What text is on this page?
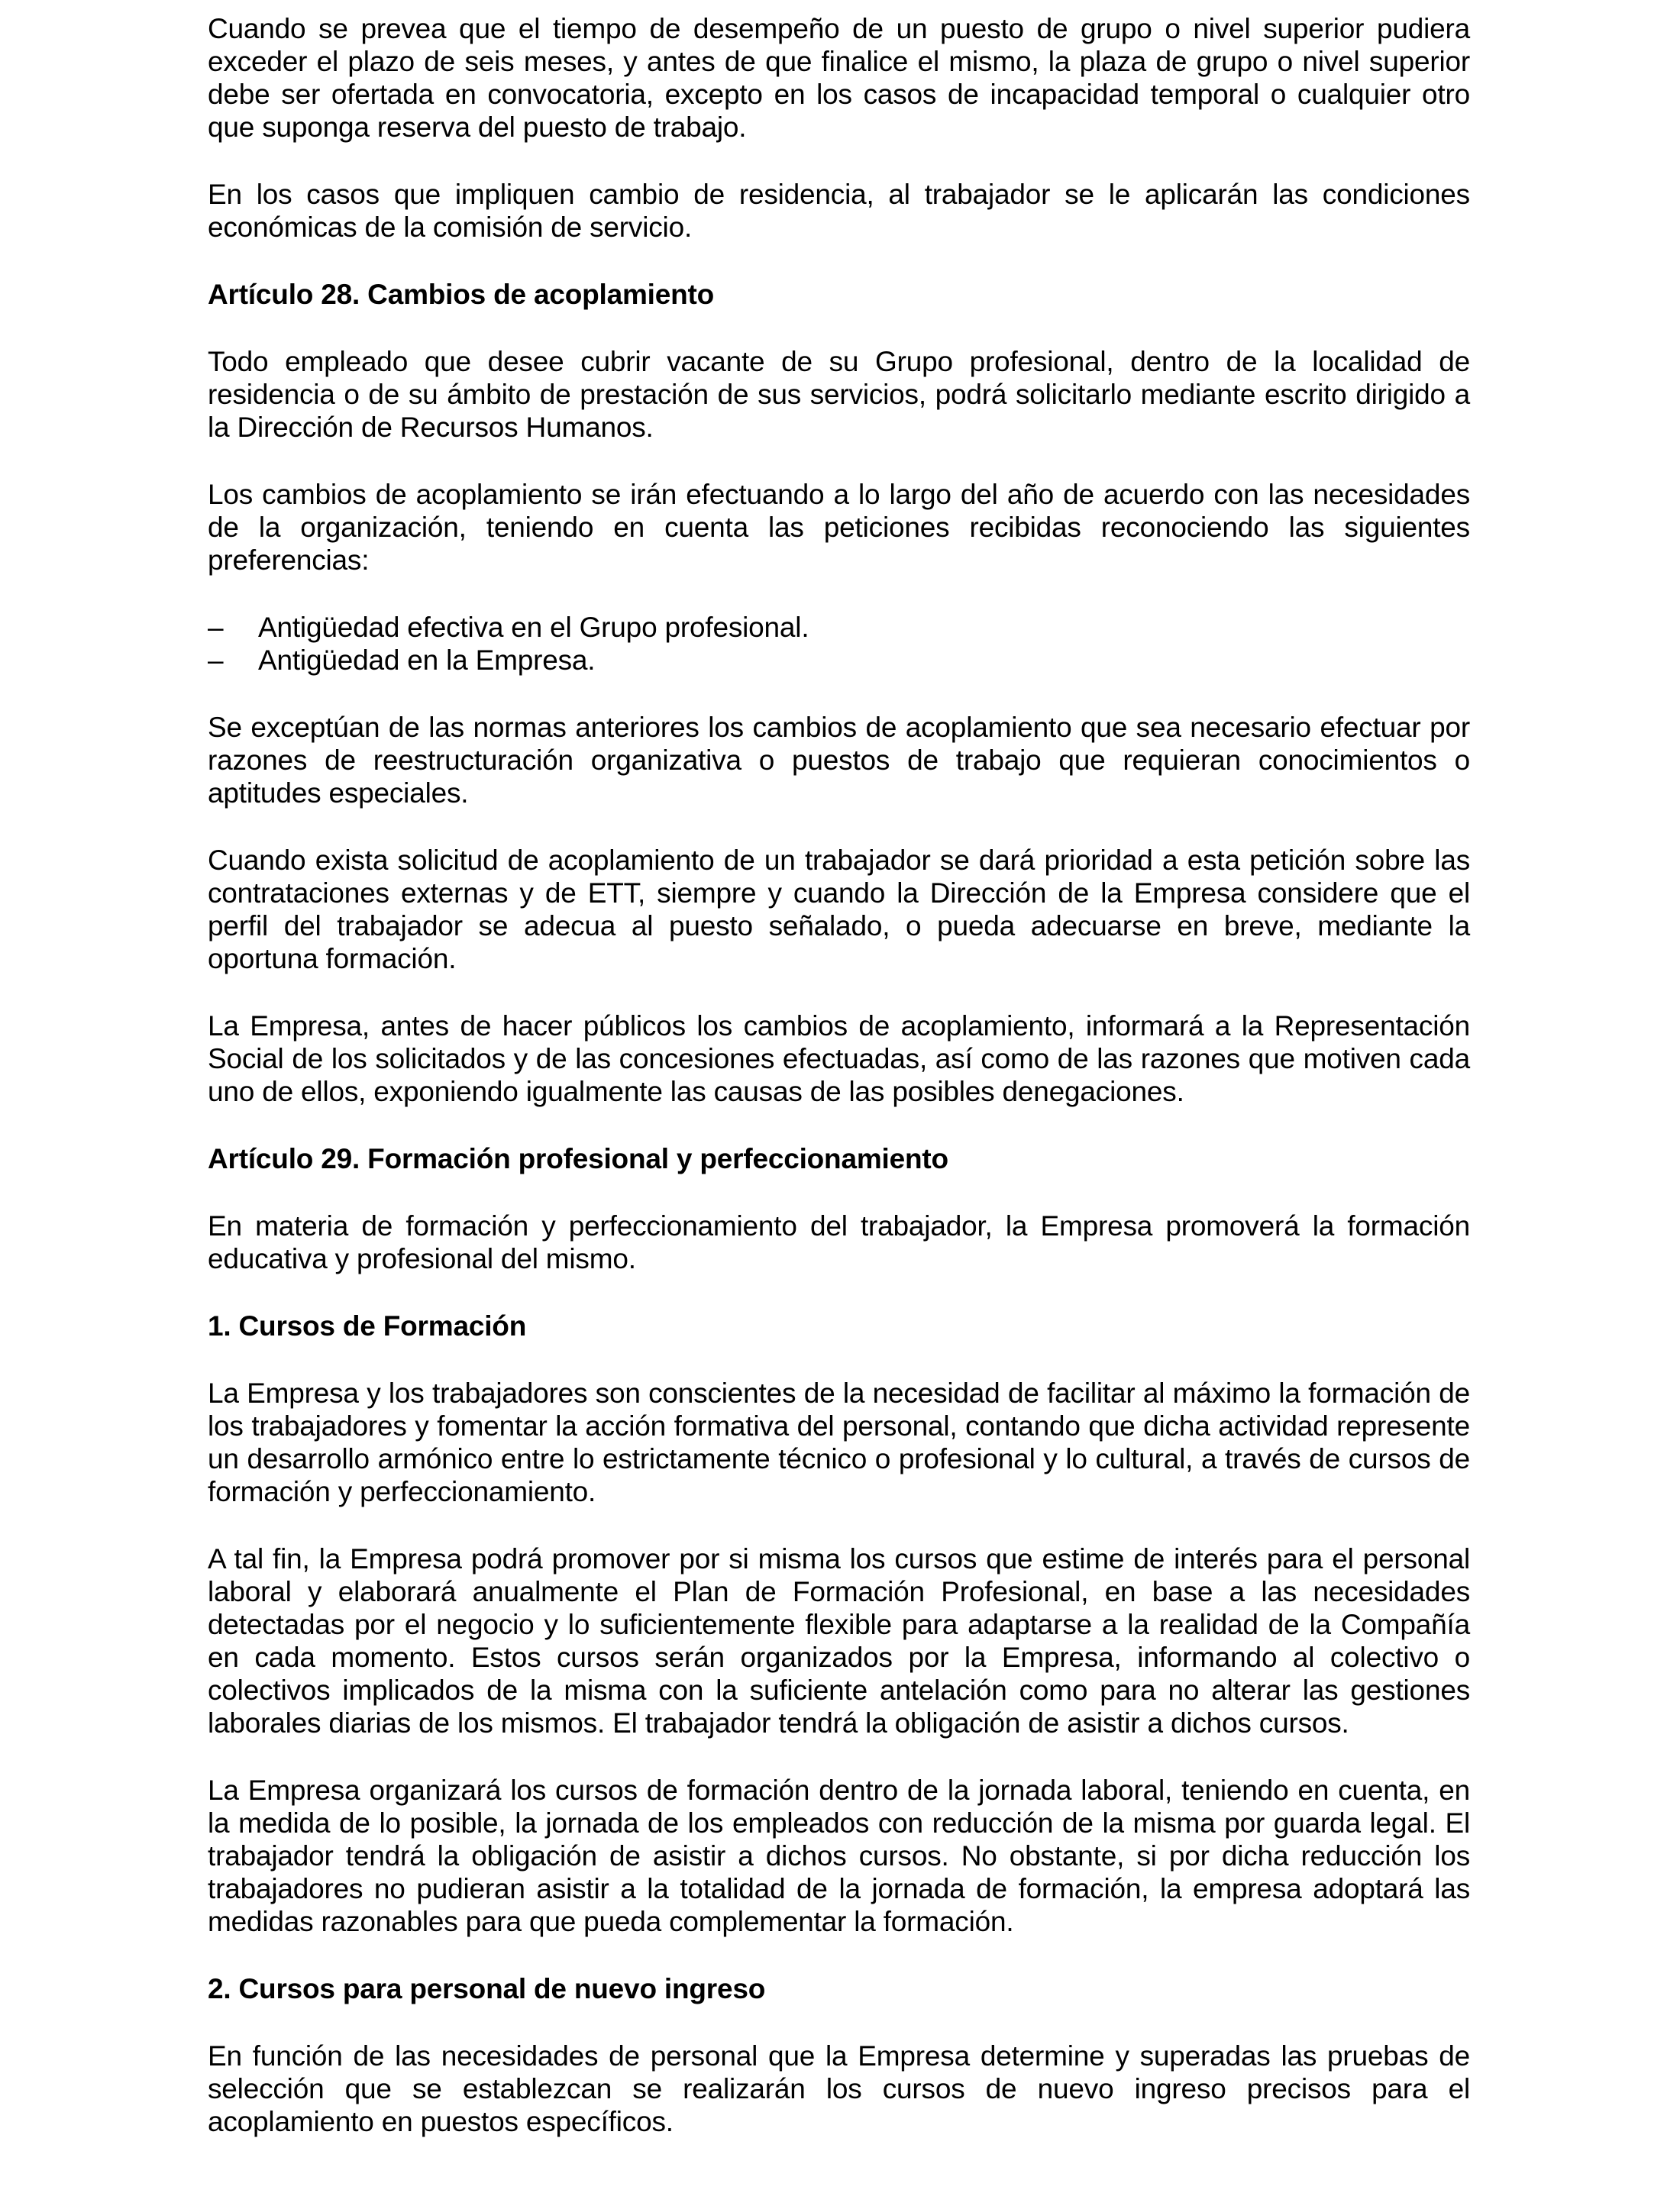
Cuando se prevea que el tiempo de desempeño de un puesto de grupo o nivel superior pudiera exceder el plazo de seis meses, y antes de que finalice el mismo, la plaza de grupo o nivel superior debe ser ofertada en convocatoria, excepto en los casos de incapacidad temporal o cualquier otro que suponga reserva del puesto de trabajo.

En los casos que impliquen cambio de residencia, al trabajador se le aplicarán las condiciones económicas de la comisión de servicio.

Artículo 28. Cambios de acoplamiento

Todo empleado que desee cubrir vacante de su Grupo profesional, dentro de la localidad de residencia o de su ámbito de prestación de sus servicios, podrá solicitarlo mediante escrito dirigido a la Dirección de Recursos Humanos.

Los cambios de acoplamiento se irán efectuando a lo largo del año de acuerdo con las necesidades de la organización, teniendo en cuenta las peticiones recibidas reconociendo las siguientes preferencias:

– Antigüedad efectiva en el Grupo profesional.
– Antigüedad en la Empresa.

Se exceptúan de las normas anteriores los cambios de acoplamiento que sea necesario efectuar por razones de reestructuración organizativa o puestos de trabajo que requieran conocimientos o aptitudes especiales.

Cuando exista solicitud de acoplamiento de un trabajador se dará prioridad a esta petición sobre las contrataciones externas y de ETT, siempre y cuando la Dirección de la Empresa considere que el perfil del trabajador se adecua al puesto señalado, o pueda adecuarse en breve, mediante la oportuna formación.

La Empresa, antes de hacer públicos los cambios de acoplamiento, informará a la Representación Social de los solicitados y de las concesiones efectuadas, así como de las razones que motiven cada uno de ellos, exponiendo igualmente las causas de las posibles denegaciones.

Artículo 29. Formación profesional y perfeccionamiento

En materia de formación y perfeccionamiento del trabajador, la Empresa promoverá la formación educativa y profesional del mismo.

1. Cursos de Formación

La Empresa y los trabajadores son conscientes de la necesidad de facilitar al máximo la formación de los trabajadores y fomentar la acción formativa del personal, contando que dicha actividad represente un desarrollo armónico entre lo estrictamente técnico o profesional y lo cultural, a través de cursos de formación y perfeccionamiento.

A tal fin, la Empresa podrá promover por si misma los cursos que estime de interés para el personal laboral y elaborará anualmente el Plan de Formación Profesional, en base a las necesidades detectadas por el negocio y lo suficientemente flexible para adaptarse a la realidad de la Compañía en cada momento. Estos cursos serán organizados por la Empresa, informando al colectivo o colectivos implicados de la misma con la suficiente antelación como para no alterar las gestiones laborales diarias de los mismos. El trabajador tendrá la obligación de asistir a dichos cursos.

La Empresa organizará los cursos de formación dentro de la jornada laboral, teniendo en cuenta, en la medida de lo posible, la jornada de los empleados con reducción de la misma por guarda legal. El trabajador tendrá la obligación de asistir a dichos cursos. No obstante, si por dicha reducción los trabajadores no pudieran asistir a la totalidad de la jornada de formación, la empresa adoptará las medidas razonables para que pueda complementar la formación.

2. Cursos para personal de nuevo ingreso

En función de las necesidades de personal que la Empresa determine y superadas las pruebas de selección que se establezcan se realizarán los cursos de nuevo ingreso precisos para el acoplamiento en puestos específicos.
